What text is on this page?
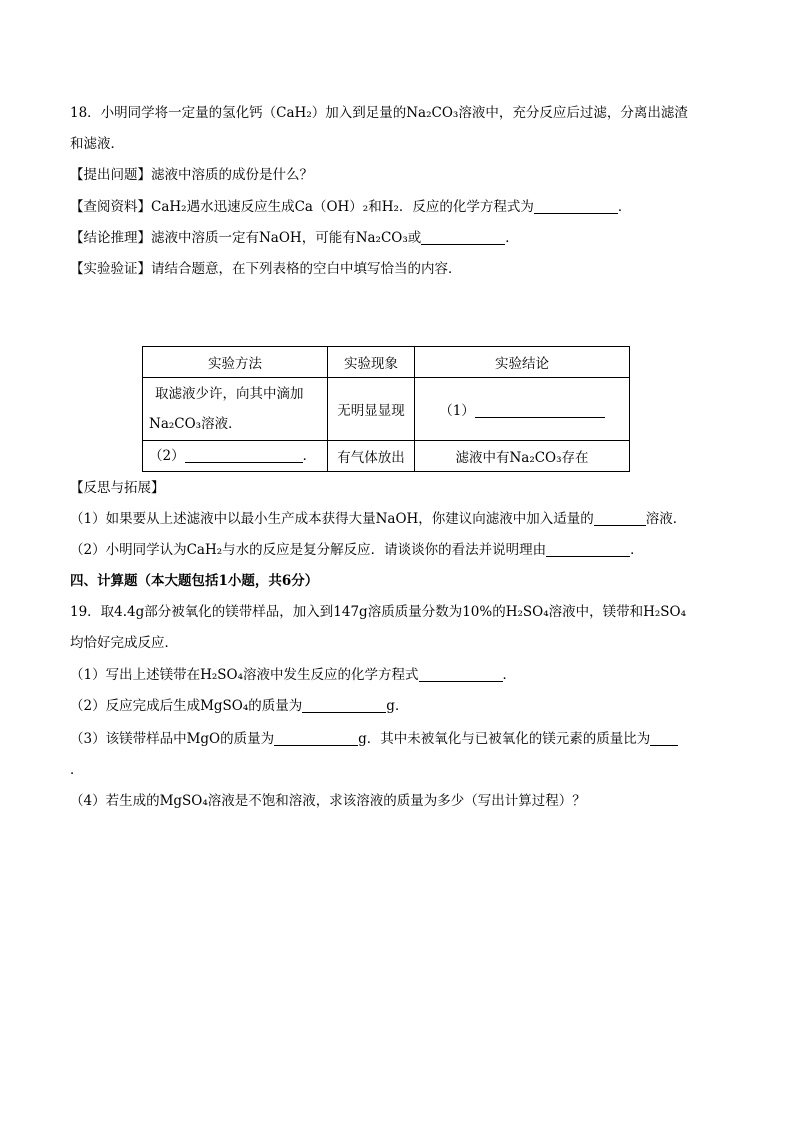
18．小明同学将一定量的氢化钙（CaH₂）加入到足量的Na₂CO₃溶液中，充分反应后过滤，分离出滤渣
和滤液．
【提出问题】滤液中溶质的成份是什么？
【查阅资料】CaH₂遇水迅速反应生成Ca（OH）₂和H₂．反应的化学方程式为	．
【结论推理】滤液中溶质一定有NaOH，可能有Na₂CO₃或	．
【实验验证】请结合题意，在下列表格的空白中填写恰当的内容．
实验方法	实验现象	实验结论

取滤液少许，向其中滴加
Na₂CO₃溶液．	无明显显现	（1）
（2） ．	有气体放出	滤液中有Na₂CO₃存在
【反思与拓展】
（1）如果要从上述滤液中以最小生产成本获得大量NaOH，你建议向滤液中加入适量的	溶液．
（2）小明同学认为CaH₂与水的反应是复分解反应．请谈谈你的看法并说明理由	．
四、计算题（本大题包括1小题，共6分）
19．取4.4g部分被氧化的镁带样品，加入到147g溶质质量分数为10%的H₂SO₄溶液中，镁带和H₂SO₄
均恰好完成反应．
（1）写出上述镁带在H₂SO₄溶液中发生反应的化学方程式	．
（2）反应完成后生成MgSO₄的质量为	g．
（3）该镁带样品中MgO的质量为	g．其中未被氧化与已被氧化的镁元素的质量比为
．
（4）若生成的MgSO₄溶液是不饱和溶液，求该溶液的质量为多少（写出计算过程）？
